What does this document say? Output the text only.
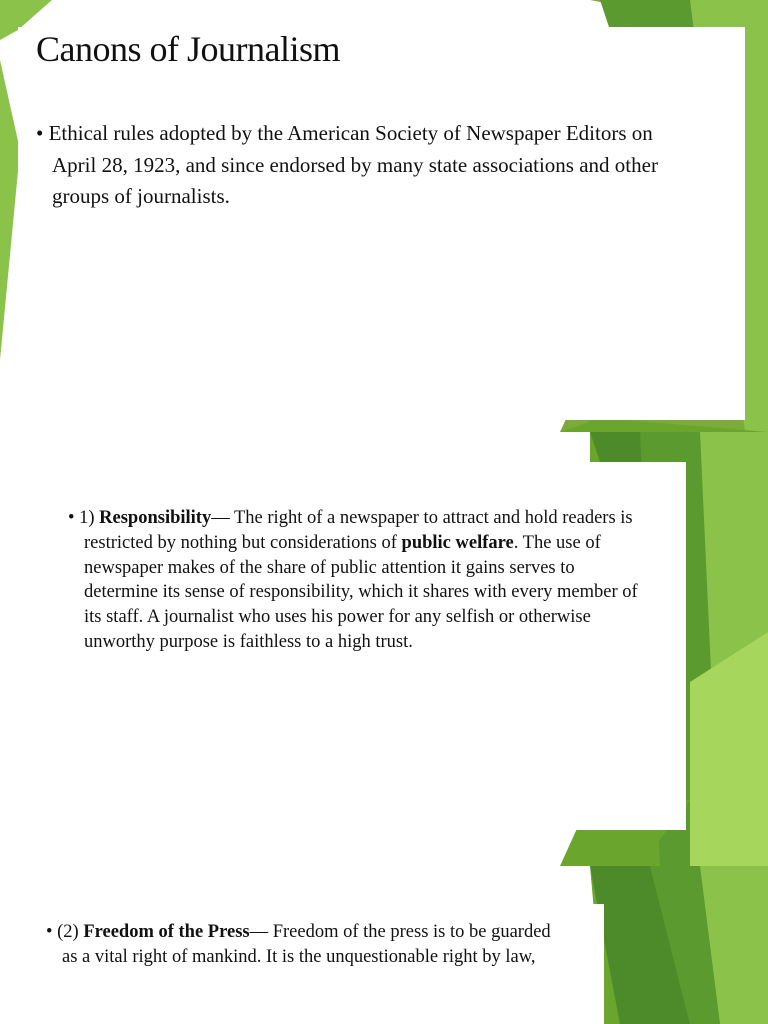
Canons of Journalism
• Ethical rules adopted by the American Society of Newspaper Editors on April 28, 1923, and since endorsed by many state associations and other groups of journalists.
• 1) Responsibility— The right of a newspaper to attract and hold readers is restricted by nothing but considerations of public welfare. The use of newspaper makes of the share of public attention it gains serves to determine its sense of responsibility, which it shares with every member of its staff. A journalist who uses his power for any selfish or otherwise unworthy purpose is faithless to a high trust.
• (2) Freedom of the Press— Freedom of the press is to be guarded as a vital right of mankind. It is the unquestionable right by law,
